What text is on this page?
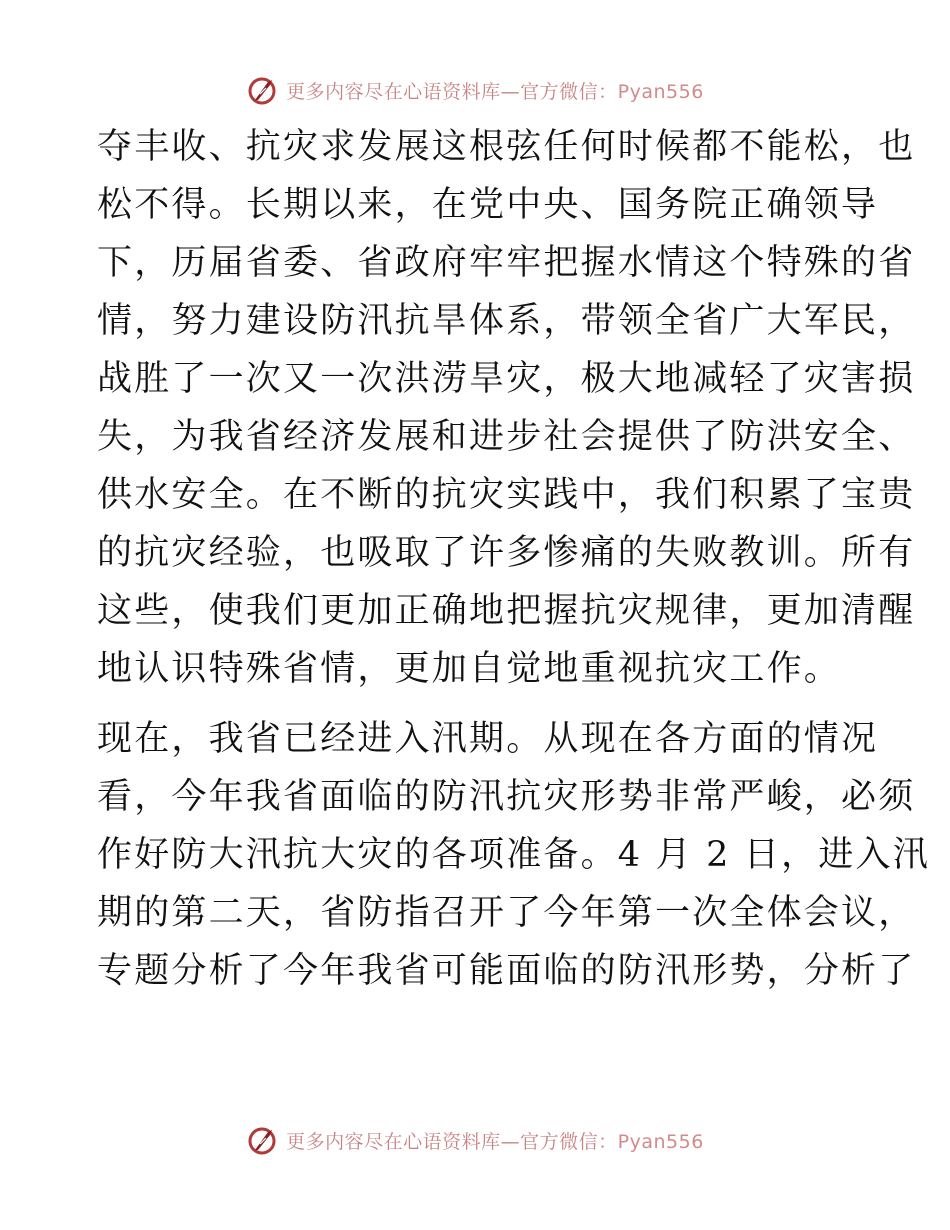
更多内容尽在心语资料库—官方微信：Pyan556
夺丰收、抗灾求发展这根弦任何时候都不能松，也
松不得。长期以来，在党中央、国务院正确领导
下，历届省委、省政府牢牢把握水情这个特殊的省
情，努力建设防汛抗旱体系，带领全省广大军民，
战胜了一次又一次洪涝旱灾，极大地减轻了灾害损
失，为我省经济发展和进步社会提供了防洪安全、
供水安全。在不断的抗灾实践中，我们积累了宝贵
的抗灾经验，也吸取了许多惨痛的失败教训。所有
这些，使我们更加正确地把握抗灾规律，更加清醒
地认识特殊省情，更加自觉地重视抗灾工作。
现在，我省已经进入汛期。从现在各方面的情况
看，今年我省面临的防汛抗灾形势非常严峻，必须
作好防大汛抗大灾的各项准备。4 月 2 日，进入汛
期的第二天，省防指召开了今年第一次全体会议，
专题分析了今年我省可能面临的防汛形势，分析了
更多内容尽在心语资料库—官方微信：Pyan556
